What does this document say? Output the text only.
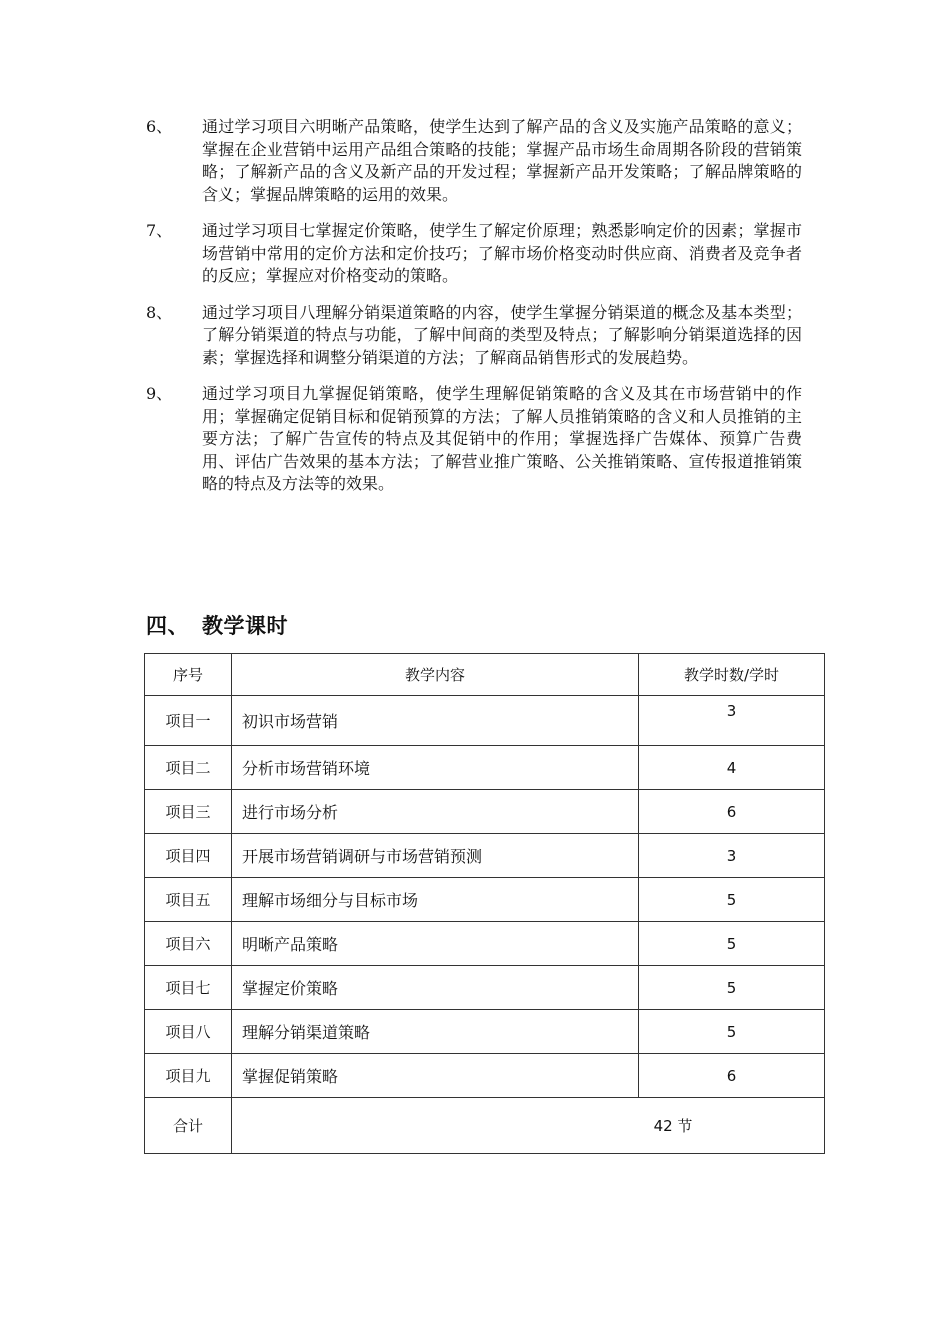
6、	通过学习项目六明晰产品策略，使学生达到了解产品的含义及实施产品策略的意义；掌握在企业营销中运用产品组合策略的技能；掌握产品市场生命周期各阶段的营销策略；了解新产品的含义及新产品的开发过程；掌握新产品开发策略；了解品牌策略的含义；掌握品牌策略的运用的效果。
7、	通过学习项目七掌握定价策略，使学生了解定价原理；熟悉影响定价的因素；掌握市场营销中常用的定价方法和定价技巧；了解市场价格变动时供应商、消费者及竞争者的反应；掌握应对价格变动的策略。
8、	通过学习项目八理解分销渠道策略的内容，使学生掌握分销渠道的概念及基本类型；了解分销渠道的特点与功能，了解中间商的类型及特点；了解影响分销渠道选择的因素；掌握选择和调整分销渠道的方法；了解商品销售形式的发展趋势。
9、	通过学习项目九掌握促销策略，使学生理解促销策略的含义及其在市场营销中的作用；掌握确定促销目标和促销预算的方法；了解人员推销策略的含义和人员推销的主要方法；了解广告宣传的特点及其促销中的作用；掌握选择广告媒体、预算广告费用、评估广告效果的基本方法；了解营业推广策略、公关推销策略、宣传报道推销策略的特点及方法等的效果。
四、 教学课时
序号	教学内容	教学时数/学时
项目一	初识市场营销	3
项目二	分析市场营销环境	4
项目三	进行市场分析	6
项目四	开展市场营销调研与市场营销预测	3
项目五	理解市场细分与目标市场	5
项目六	明晰产品策略	5
项目七	掌握定价策略	5
项目八	理解分销渠道策略	5
项目九	掌握促销策略	6
合计	42 节	
